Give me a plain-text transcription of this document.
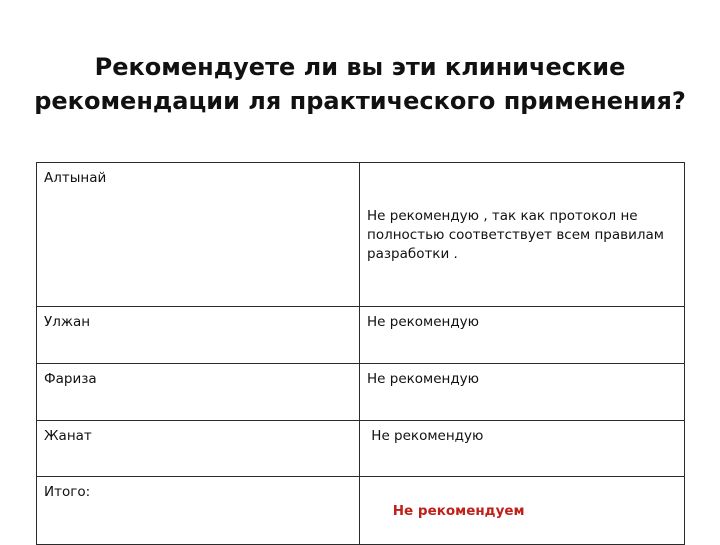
Рекомендуете ли вы эти клинические
рекомендации ля практического применения?
Алтынай	Не рекомендую , так как протокол не  полностью соответствует всем правилам разработки .

Улжан	Не рекомендую
Фариза	Не рекомендую
Жанат	Не рекомендую
Итого:	Не рекомендуем
